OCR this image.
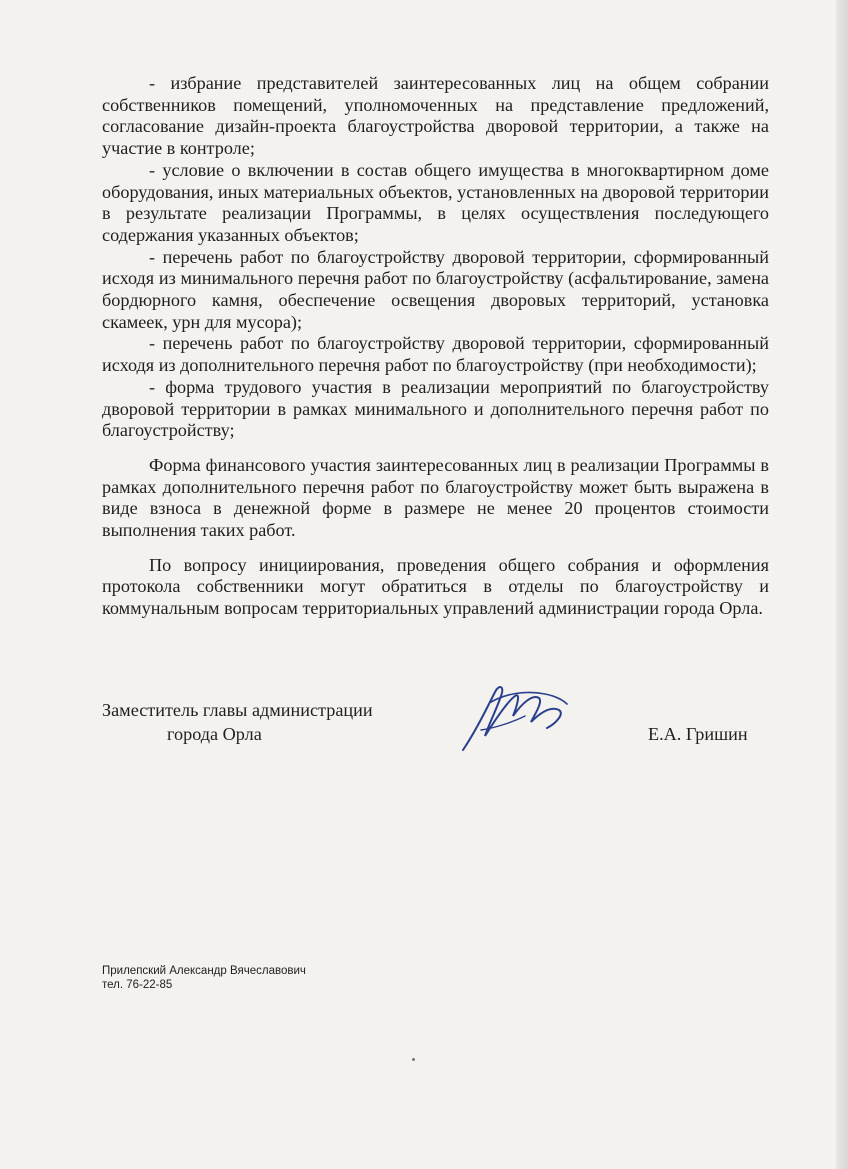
- избрание представителей заинтересованных лиц на общем собрании собственников помещений, уполномоченных на представление предложений, согласование дизайн-проекта благоустройства дворовой территории, а также на участие в контроле;

- условие о включении в состав общего имущества в многоквартирном доме оборудования, иных материальных объектов, установленных на дворовой территории в результате реализации Программы, в целях осуществления последующего содержания указанных объектов;

- перечень работ по благоустройству дворовой территории, сформированный исходя из минимального перечня работ по благоустройству (асфальтирование, замена бордюрного камня, обеспечение освещения дворовых территорий, установка скамеек, урн для мусора);

- перечень работ по благоустройству дворовой территории, сформированный исходя из дополнительного перечня работ по благоустройству (при необходимости);

- форма трудового участия в реализации мероприятий по благоустройству дворовой территории в рамках минимального и дополнительного перечня работ по благоустройству;

Форма финансового участия заинтересованных лиц в реализации Программы в рамках дополнительного перечня работ по благоустройству может быть выражена в виде взноса в денежной форме в размере не менее 20 процентов стоимости выполнения таких работ.

По вопросу инициирования, проведения общего собрания и оформления протокола собственники могут обратиться в отделы по благоустройству и коммунальным вопросам территориальных управлений администрации города Орла.

Заместитель главы администрации
города Орла	Е.А. Гришин
Прилепский Александр Вячеславович
тел. 76-22-85
